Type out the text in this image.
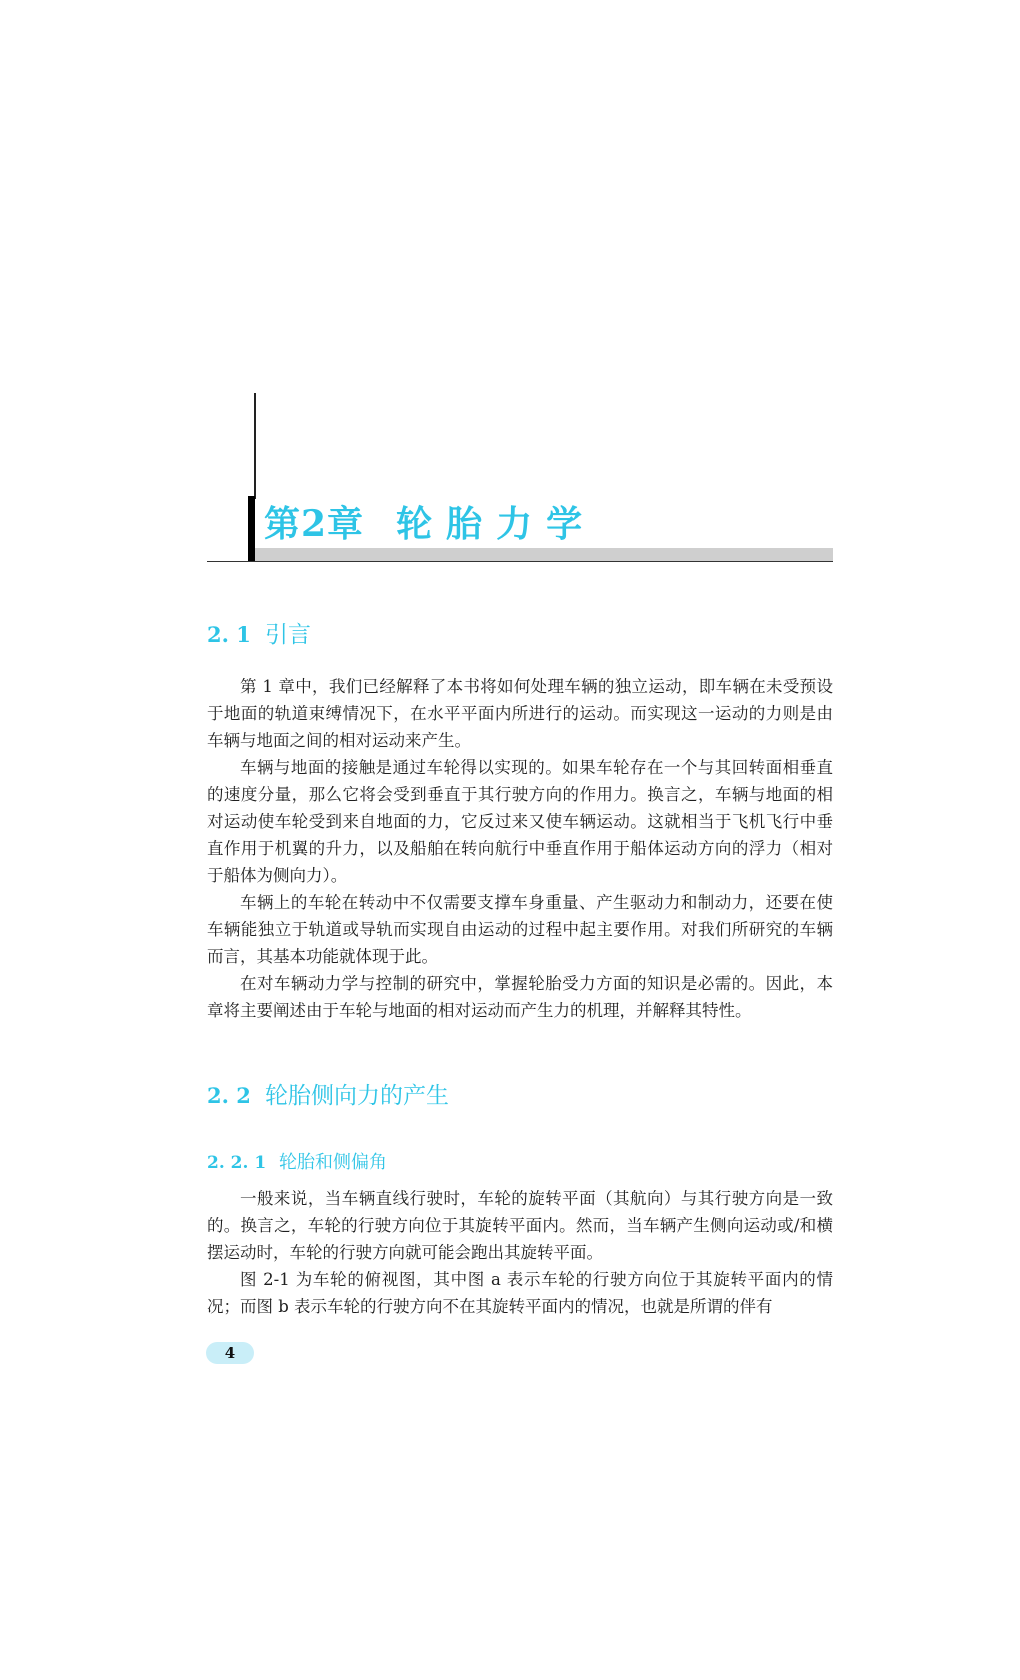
第2章 轮胎力学
2. 1 引言

第 1 章中，我们已经解释了本书将如何处理车辆的独立运动，即车辆在未受预设于地面的轨道束缚情况下，在水平平面内所进行的运动。而实现这一运动的力则是由车辆与地面之间的相对运动来产生。

车辆与地面的接触是通过车轮得以实现的。如果车轮存在一个与其回转面相垂直的速度分量，那么它将会受到垂直于其行驶方向的作用力。换言之，车辆与地面的相对运动使车轮受到来自地面的力，它反过来又使车辆运动。这就相当于飞机飞行中垂直作用于机翼的升力，以及船舶在转向航行中垂直作用于船体运动方向的浮力（相对于船体为侧向力）。

车辆上的车轮在转动中不仅需要支撑车身重量、产生驱动力和制动力，还要在使车辆能独立于轨道或导轨而实现自由运动的过程中起主要作用。对我们所研究的车辆而言，其基本功能就体现于此。

在对车辆动力学与控制的研究中，掌握轮胎受力方面的知识是必需的。因此，本章将主要阐述由于车轮与地面的相对运动而产生力的机理，并解释其特性。

2. 2 轮胎侧向力的产生
2. 2. 1 轮胎和侧偏角

一般来说，当车辆直线行驶时，车轮的旋转平面（其航向）与其行驶方向是一致的。换言之，车轮的行驶方向位于其旋转平面内。然而，当车辆产生侧向运动或/和横摆运动时，车轮的行驶方向就可能会跑出其旋转平面。

图 2-1 为车轮的俯视图，其中图 a 表示车轮的行驶方向位于其旋转平面内的情况；而图 b 表示车轮的行驶方向不在其旋转平面内的情况，也就是所谓的伴有

4
